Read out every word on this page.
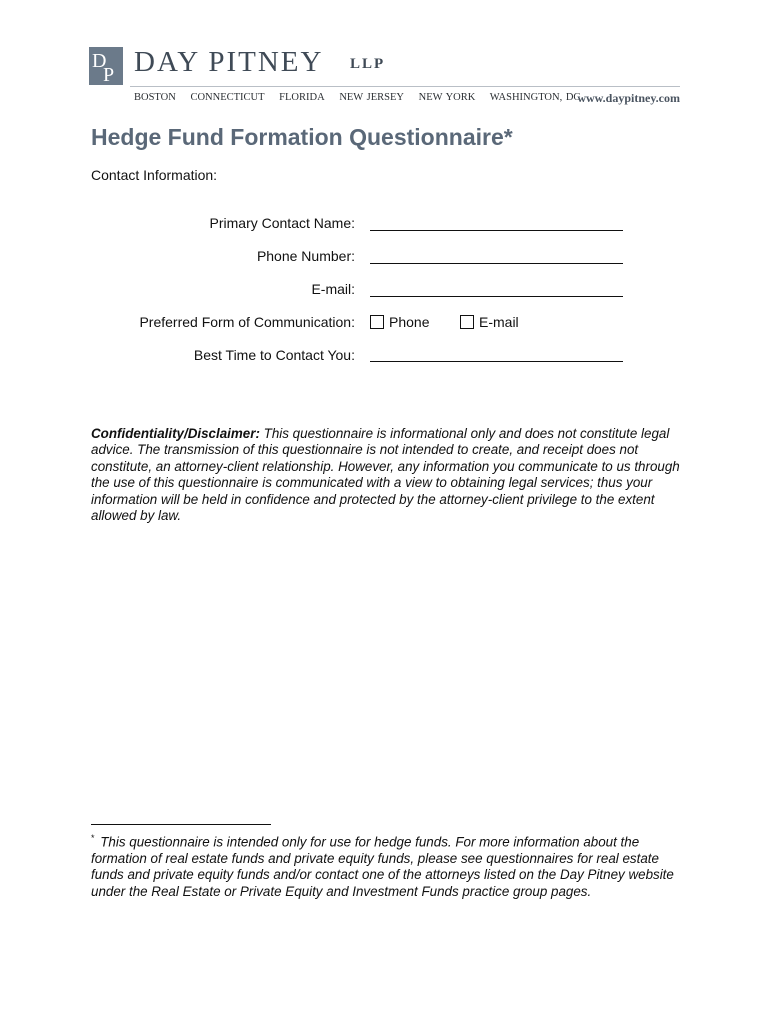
D
P DAY PITNEY LLP
BOSTON CONNECTICUT FLORIDA NEW JERSEY NEW YORK WASHINGTON, DC
www.daypitney.com
Hedge Fund Formation Questionnaire*
Contact Information:
Primary Contact Name:
Phone Number:
E-mail:
Preferred Form of Communication: Phone	E-mail
Best Time to Contact You:
Confidentiality/Disclaimer: This questionnaire is informational only and does not constitute legal advice. The transmission of this questionnaire is not intended to create, and receipt does not constitute, an attorney-client relationship. However, any information you communicate to us through the use of this questionnaire is communicated with a view to obtaining legal services; thus your information will be held in confidence and protected by the attorney-client privilege to the extent allowed by law.
* This questionnaire is intended only for use for hedge funds. For more information about the formation of real estate funds and private equity funds, please see questionnaires for real estate funds and private equity funds and/or contact one of the attorneys listed on the Day Pitney website under the Real Estate or Private Equity and Investment Funds practice group pages.
